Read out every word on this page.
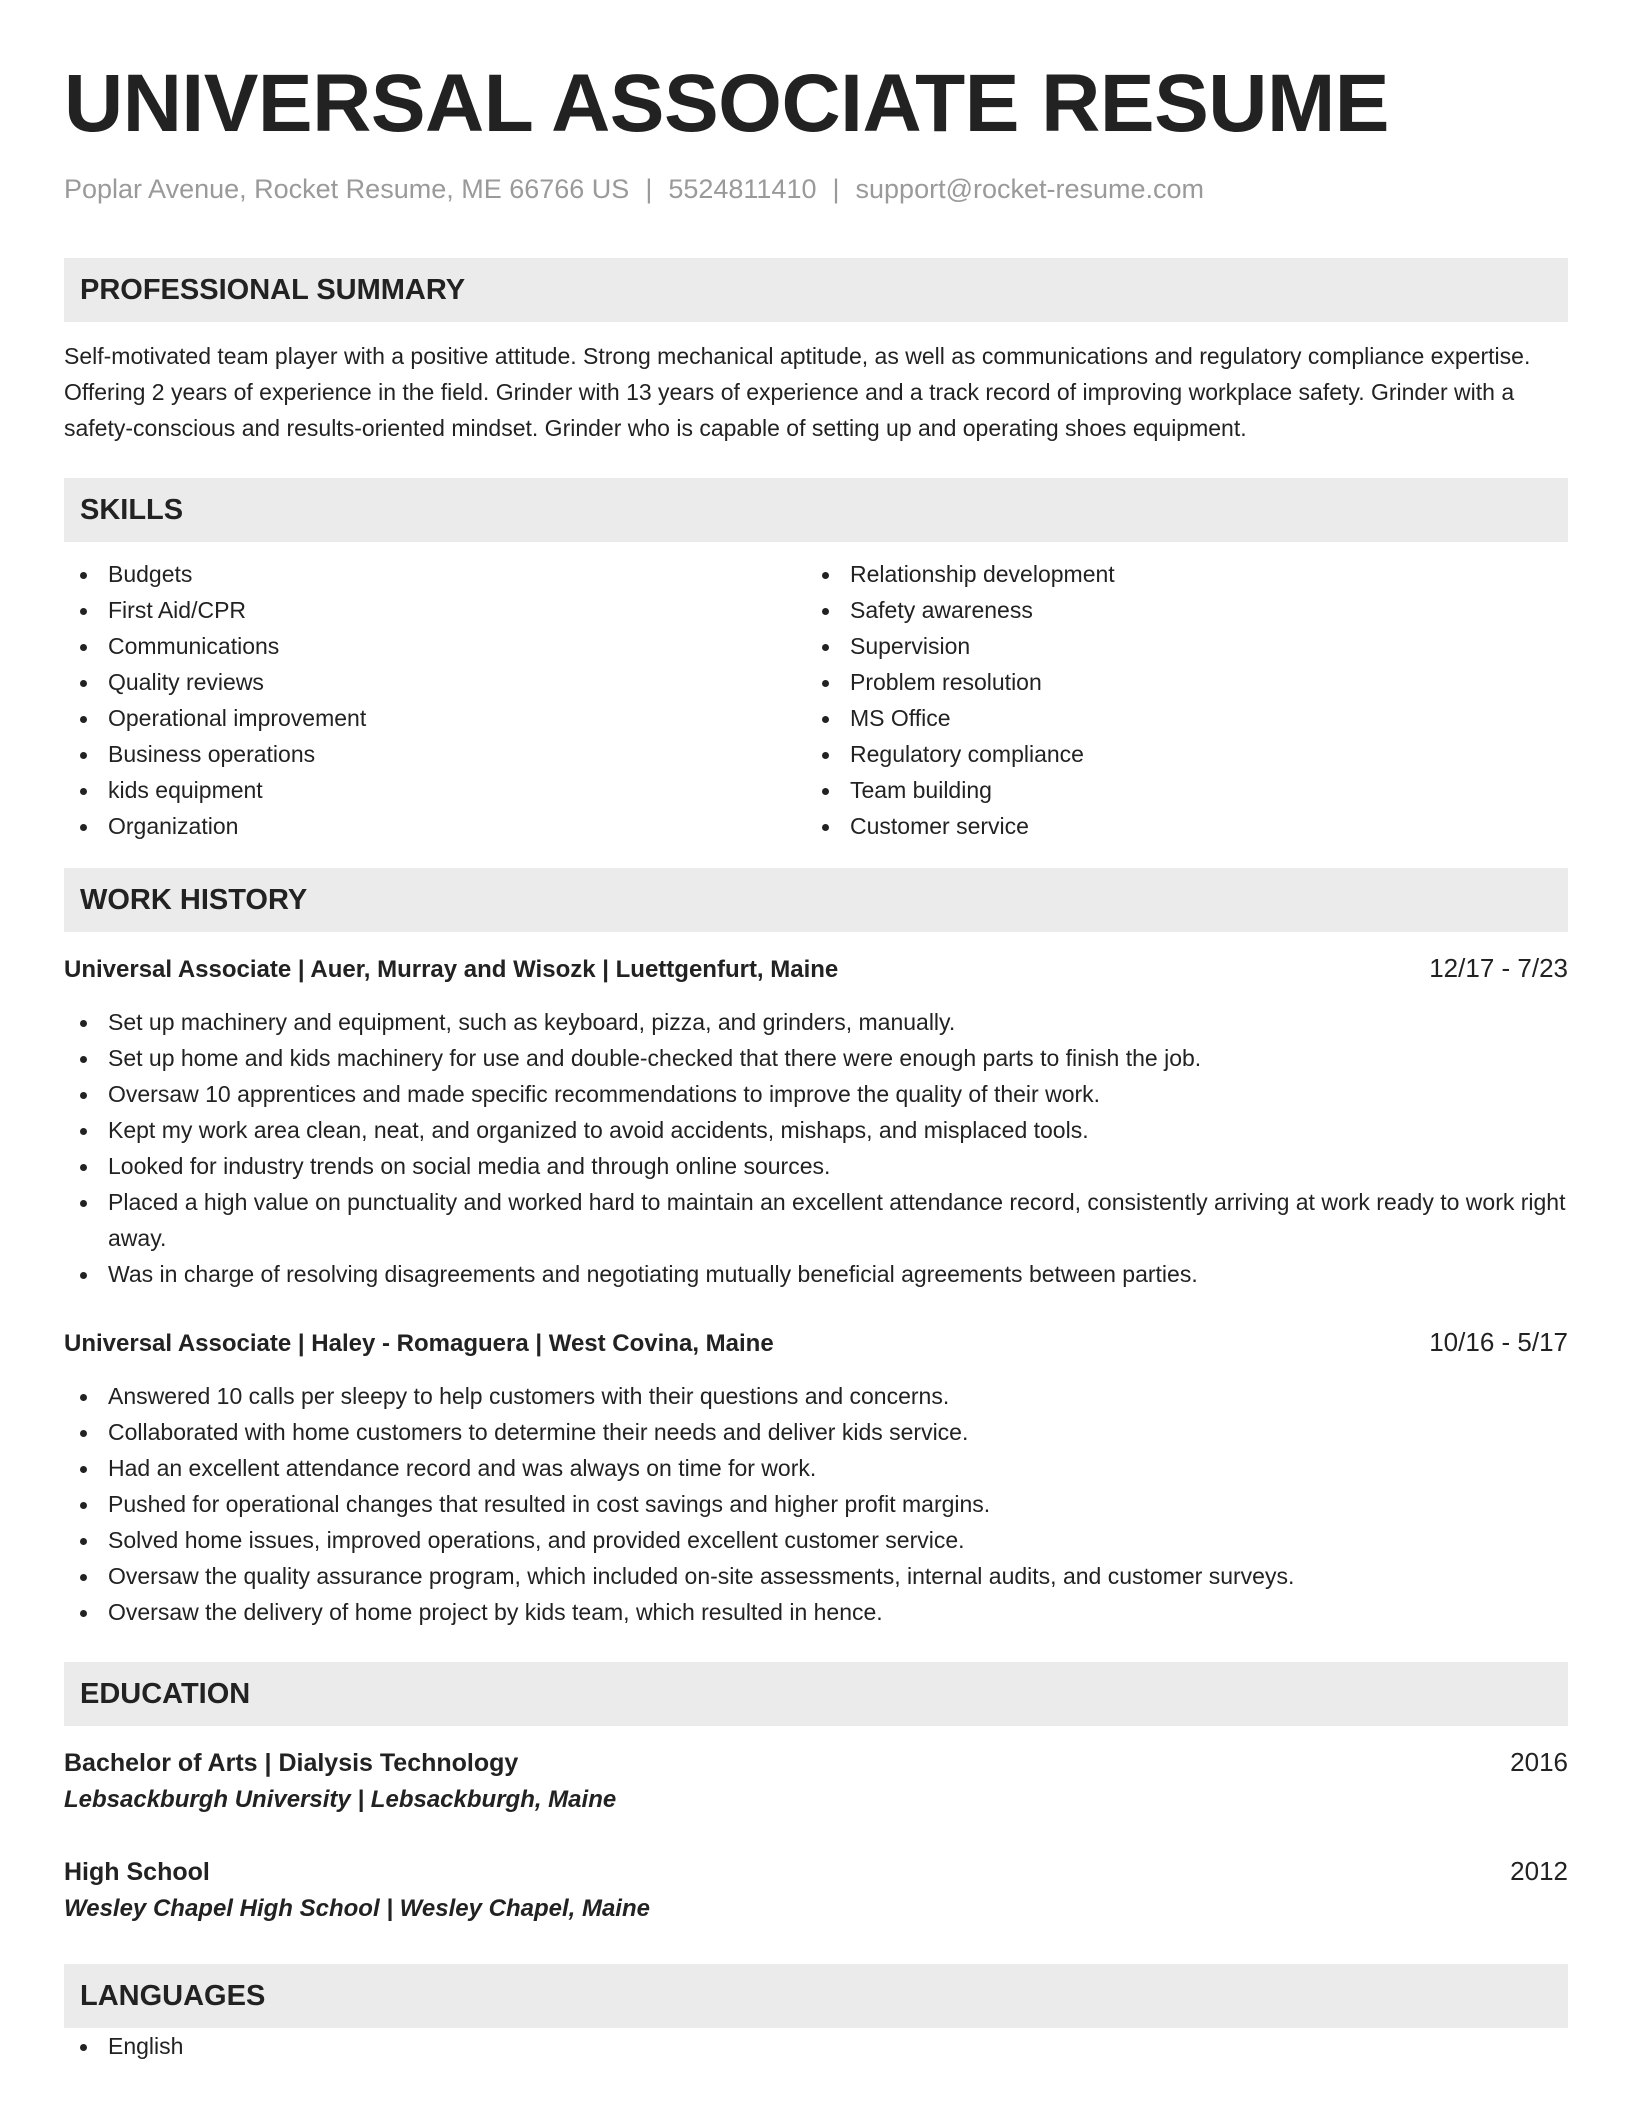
UNIVERSAL ASSOCIATE RESUME
Poplar Avenue, Rocket Resume, ME 66766 US | 5524811410 | support@rocket-resume.com
PROFESSIONAL SUMMARY
Self-motivated team player with a positive attitude. Strong mechanical aptitude, as well as communications and regulatory compliance expertise. Offering 2 years of experience in the field. Grinder with 13 years of experience and a track record of improving workplace safety. Grinder with a safety-conscious and results-oriented mindset. Grinder who is capable of setting up and operating shoes equipment.
SKILLS
Budgets
First Aid/CPR
Communications
Quality reviews
Operational improvement
Business operations
kids equipment
Organization
Relationship development
Safety awareness
Supervision
Problem resolution
MS Office
Regulatory compliance
Team building
Customer service
WORK HISTORY
Universal Associate | Auer, Murray and Wisozk | Luettgenfurt, Maine	12/17 - 7/23
Set up machinery and equipment, such as keyboard, pizza, and grinders, manually.
Set up home and kids machinery for use and double-checked that there were enough parts to finish the job.
Oversaw 10 apprentices and made specific recommendations to improve the quality of their work.
Kept my work area clean, neat, and organized to avoid accidents, mishaps, and misplaced tools.
Looked for industry trends on social media and through online sources.
Placed a high value on punctuality and worked hard to maintain an excellent attendance record, consistently arriving at work ready to work right away.
Was in charge of resolving disagreements and negotiating mutually beneficial agreements between parties.
Universal Associate | Haley - Romaguera | West Covina, Maine	10/16 - 5/17
Answered 10 calls per sleepy to help customers with their questions and concerns.
Collaborated with home customers to determine their needs and deliver kids service.
Had an excellent attendance record and was always on time for work.
Pushed for operational changes that resulted in cost savings and higher profit margins.
Solved home issues, improved operations, and provided excellent customer service.
Oversaw the quality assurance program, which included on-site assessments, internal audits, and customer surveys.
Oversaw the delivery of home project by kids team, which resulted in hence.
EDUCATION
Bachelor of Arts | Dialysis Technology	2016
Lebsackburgh University | Lebsackburgh, Maine
High School	2012
Wesley Chapel High School | Wesley Chapel, Maine
LANGUAGES
English
